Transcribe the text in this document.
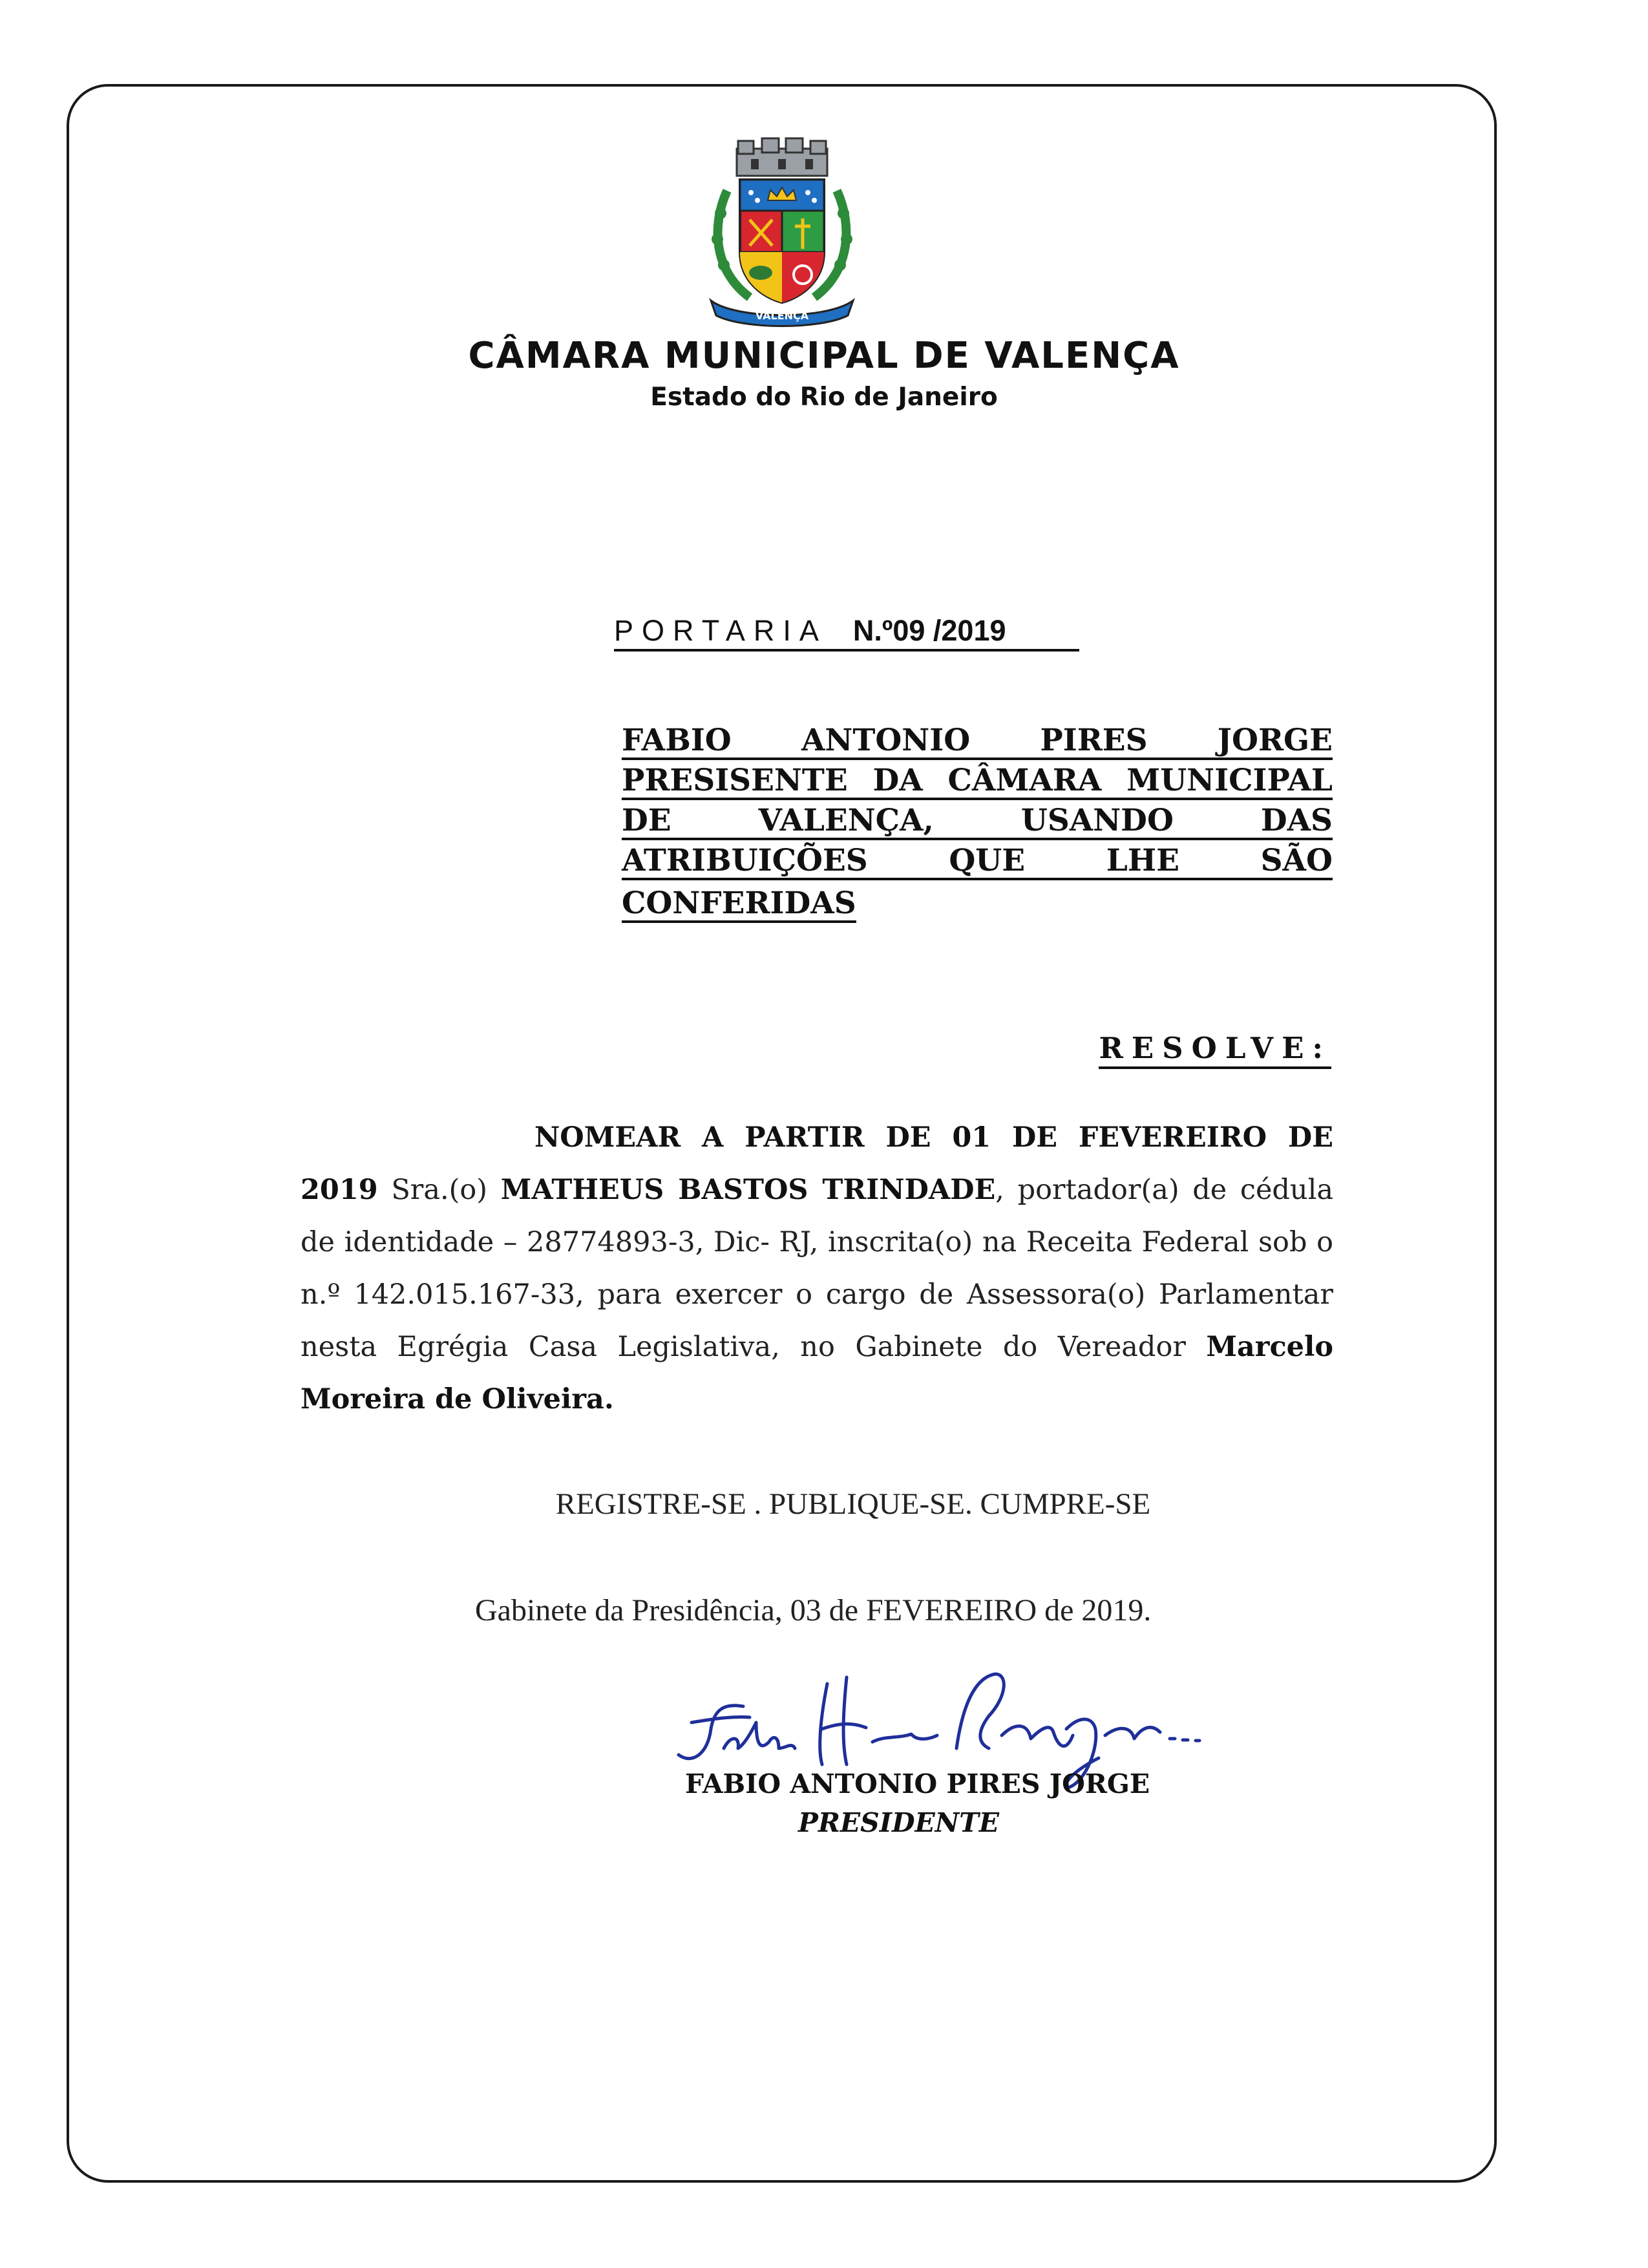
VALENÇA
CÂMARA MUNICIPAL DE VALENÇA
Estado do Rio de Janeiro
PORTARIA N.º09 /2019
FABIO ANTONIO PIRES JORGE
PRESISENTE DA CÂMARA MUNICIPAL
DE	VALENÇA,	USANDO	DAS
ATRIBUIÇÕES	QUE	LHE	SÃO
CONFERIDAS

RESOLVE:
NOMEAR A PARTIR DE 01 DE FEVEREIRO DE 2019 Sra.(o) MATHEUS BASTOS TRINDADE, portador(a) de cédula de identidade – 28774893-3, Dic- RJ, inscrita(o) na Receita Federal sob o n.º 142.015.167-33, para exercer o cargo de Assessora(o) Parlamentar nesta Egrégia Casa Legislativa, no Gabinete do Vereador Marcelo Moreira de Oliveira.
REGISTRE-SE . PUBLIQUE-SE. CUMPRE-SE
Gabinete da Presidência, 03 de FEVEREIRO de 2019.
FABIO ANTONIO PIRES JORGE
PRESIDENTE
